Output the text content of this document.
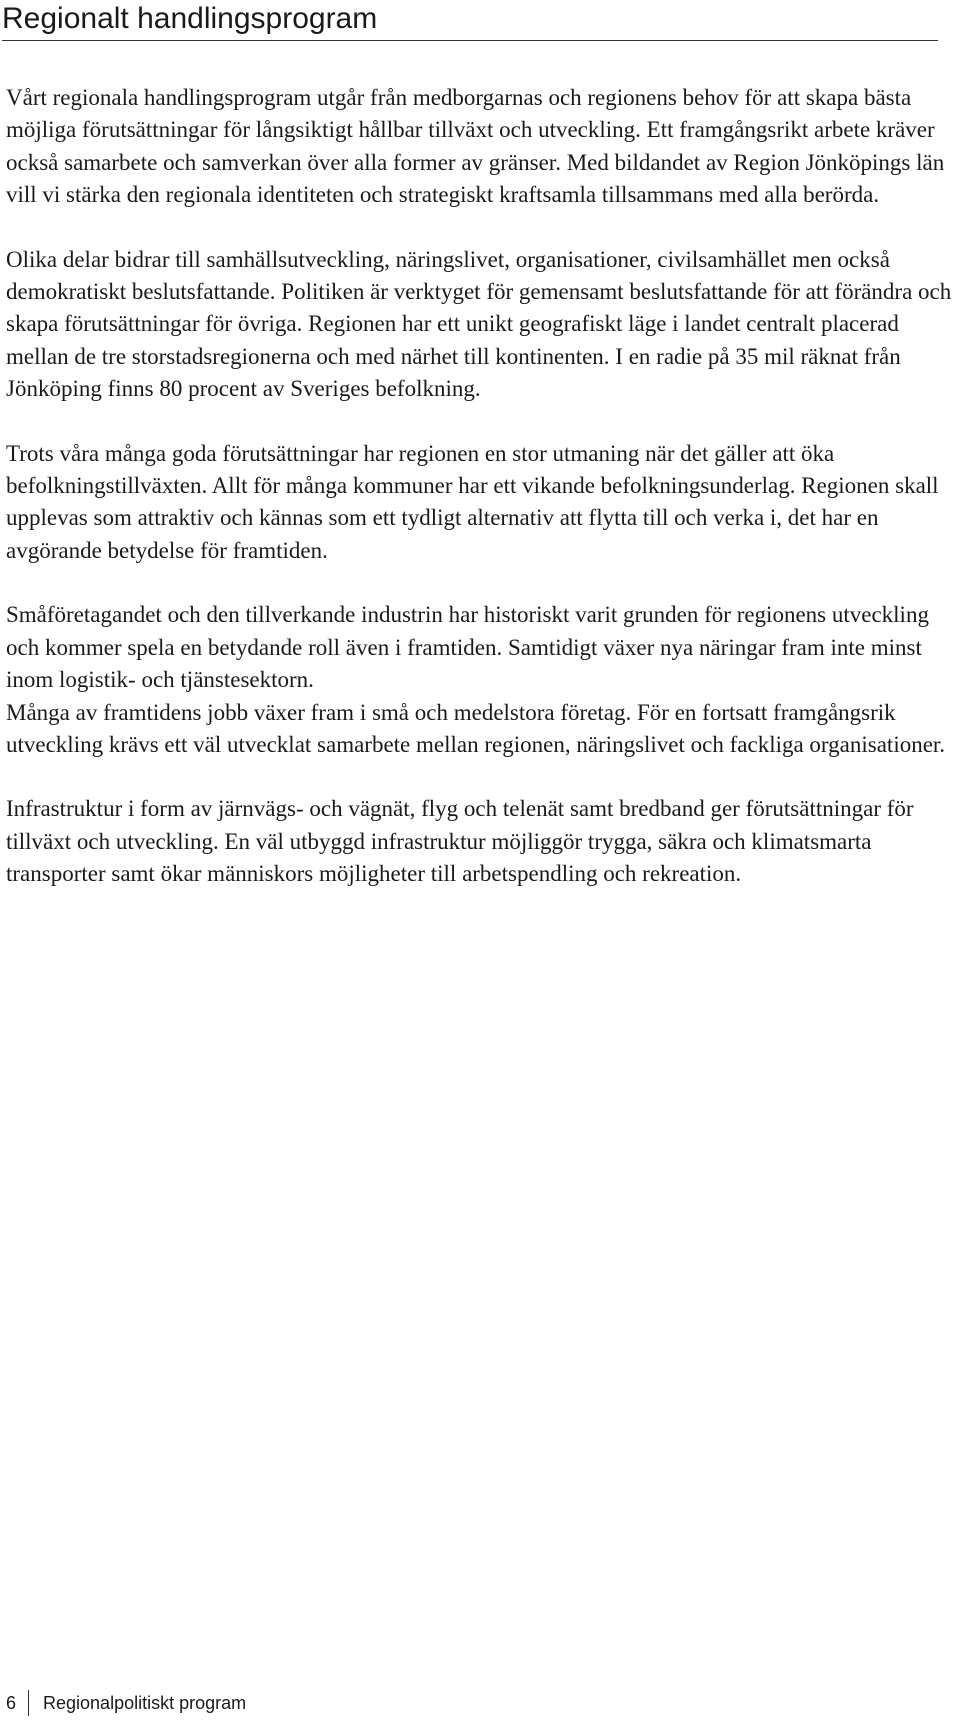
Regionalt handlingsprogram

Vårt regionala handlingsprogram utgår från medborgarnas och regionens behov för att skapa bästa möjliga förutsättningar för långsiktigt hållbar tillväxt och utveckling. Ett framgångsrikt arbete kräver också samarbete och samverkan över alla former av gränser. Med bildandet av Region Jönköpings län vill vi stärka den regionala identiteten och strategiskt kraftsamla tillsammans med alla berörda.

Olika delar bidrar till samhällsutveckling, näringslivet, organisationer, civilsamhället men också demokratiskt beslutsfattande. Politiken är verktyget för gemensamt beslutsfattande för att förändra och skapa förutsättningar för övriga. Regionen har ett unikt geografiskt läge i landet centralt placerad mellan de tre storstadsregionerna och med närhet till kontinenten. I en radie på 35 mil räknat från Jönköping finns 80 procent av Sveriges befolkning.

Trots våra många goda förutsättningar har regionen en stor utmaning när det gäller att öka befolkningstillväxten. Allt för många kommuner har ett vikande befolkningsunderlag. Regionen skall upplevas som attraktiv och kännas som ett tydligt alternativ att flytta till och verka i, det har en avgörande betydelse för framtiden.

Småföretagandet och den tillverkande industrin har historiskt varit grunden för regionens utveckling och kommer spela en betydande roll även i framtiden. Samtidigt växer nya näringar fram inte minst inom logistik- och tjänstesektorn.

Många av framtidens jobb växer fram i små och medelstora företag. För en fortsatt framgångsrik utveckling krävs ett väl utvecklat samarbete mellan regionen, näringslivet och fackliga organisationer.

Infrastruktur i form av järnvägs- och vägnät, flyg och telenät samt bredband ger förutsättningar för tillväxt och utveckling. En väl utbyggd infrastruktur möjliggör trygga, säkra och klimatsmarta transporter samt ökar människors möjligheter till arbetspendling och rekreation.

6 Regionalpolitiskt program
